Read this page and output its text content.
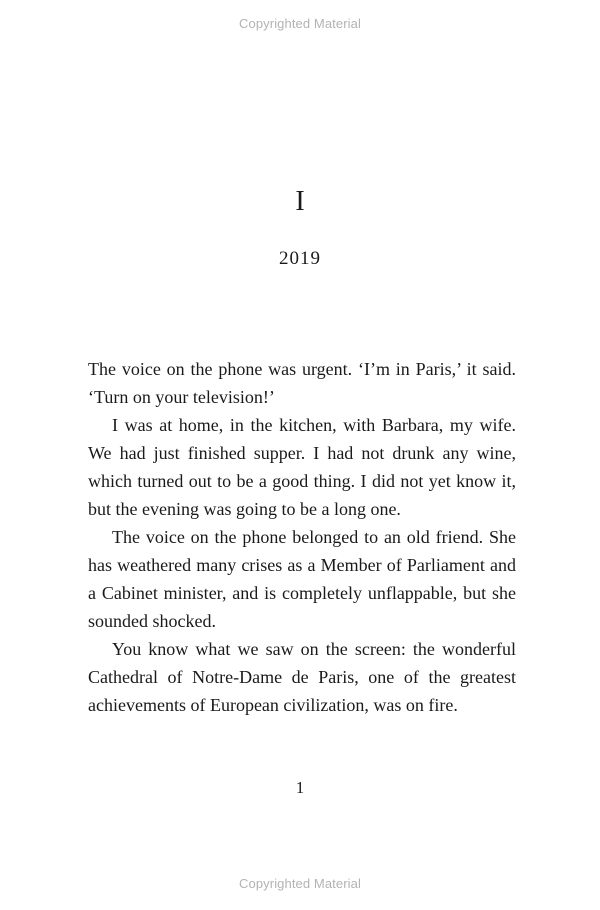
Copyrighted Material
I
2019

The voice on the phone was urgent. ‘I’m in Paris,’ it said. ‘Turn on your television!’

I was at home, in the kitchen, with Barbara, my wife. We had just finished supper. I had not drunk any wine, which turned out to be a good thing. I did not yet know it, but the evening was going to be a long one.

The voice on the phone belonged to an old friend. She has weathered many crises as a Member of Parliament and a Cabinet minister, and is completely unflappable, but she sounded shocked.

You know what we saw on the screen: the wonderful Cathedral of Notre-Dame de Paris, one of the greatest achievements of European civilization, was on fire.

1
Copyrighted Material
